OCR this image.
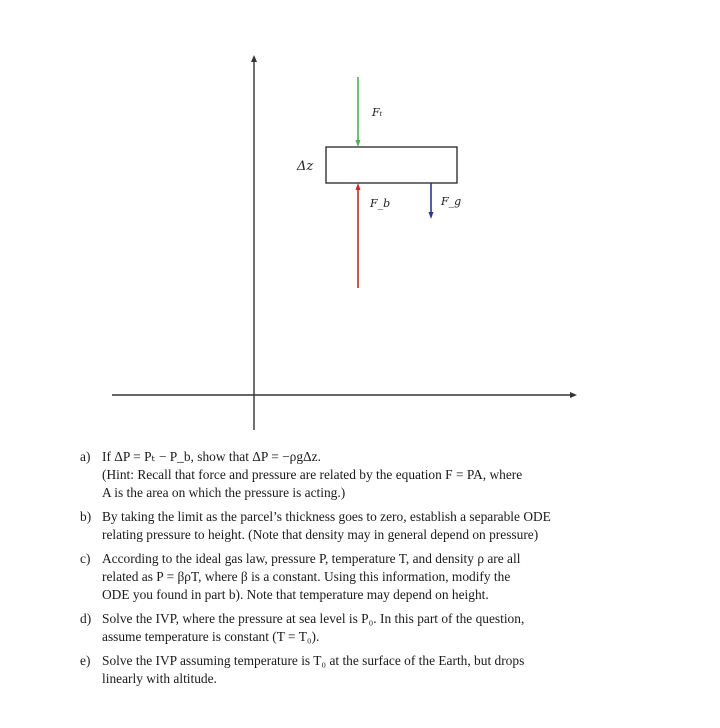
Fₜ
F_b	F_g
Δz
a) If ΔP = Pₜ − P_b, show that ΔP = −ρgΔz.
(Hint: Recall that force and pressure are related by the equation F = PA, where
A is the area on which the pressure is acting.)
b) By taking the limit as the parcel’s thickness goes to zero, establish a separable ODE
relating pressure to height. (Note that density may in general depend on pressure)
c) According to the ideal gas law, pressure P, temperature T, and density ρ are all
related as P = βρT, where β is a constant. Using this information, modify the
ODE you found in part b). Note that temperature may depend on height.
d) Solve the IVP, where the pressure at sea level is P₀. In this part of the question,
assume temperature is constant (T = T₀).
e) Solve the IVP assuming temperature is T₀ at the surface of the Earth, but drops
linearly with altitude.
